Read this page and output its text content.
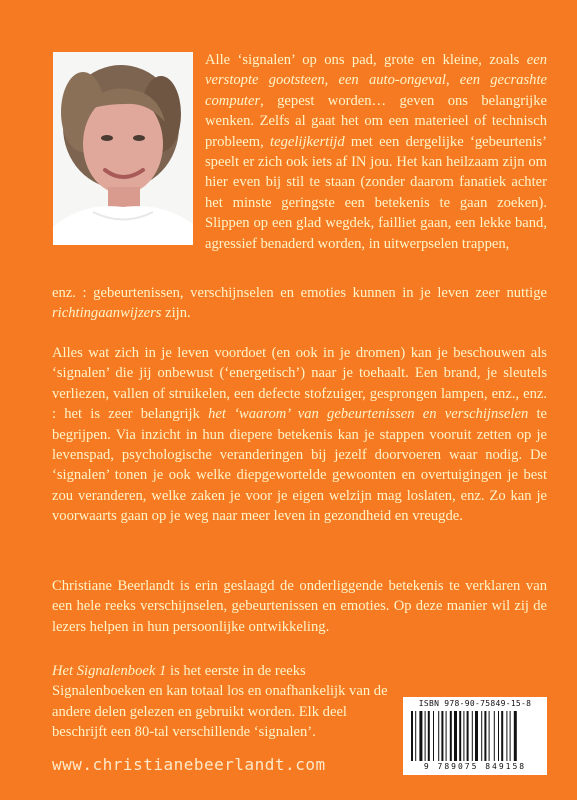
Alle ‘signalen’ op ons pad, grote en kleine, zoals een verstopte gootsteen, een auto-ongeval, een gecrashte computer, gepest worden… geven ons belangrijke wenken. Zelfs al gaat het om een materieel of technisch probleem, tegelijkertijd met een dergelijke ‘gebeurtenis’ speelt er zich ook iets af IN jou. Het kan heilzaam zijn om hier even bij stil te staan (zonder daarom fanatiek achter het minste geringste een betekenis te gaan zoeken). Slippen op een glad wegdek, failliet gaan, een lekke band, agressief benaderd worden, in uitwerpselen trappen,

enz. : gebeurtenissen, verschijnselen en emoties kunnen in je leven zeer nuttige richtingaanwijzers zijn.

Alles wat zich in je leven voordoet (en ook in je dromen) kan je beschouwen als ‘signalen’ die jij onbewust (‘energetisch’) naar je toehaalt. Een brand, je sleutels verliezen, vallen of struikelen, een defecte stofzuiger, gesprongen lampen, enz., enz. : het is zeer belangrijk het ‘waarom’ van gebeurtenissen en verschijnselen te begrijpen. Via inzicht in hun diepere betekenis kan je stappen vooruit zetten op je levenspad, psychologische veranderingen bij jezelf doorvoeren waar nodig. De ‘signalen’ tonen je ook welke diepgewortelde gewoonten en overtuigingen je best zou veranderen, welke zaken je voor je eigen welzijn mag loslaten, enz. Zo kan je voorwaarts gaan op je weg naar meer leven in gezondheid en vreugde.

Christiane Beerlandt is erin geslaagd de onderliggende betekenis te verklaren van een hele reeks verschijnselen, gebeurtenissen en emoties. Op deze manier wil zij de lezers helpen in hun persoonlijke ontwikkeling.

Het Signalenboek 1 is het eerste in de reeks Signalenboeken en kan totaal los en onafhankelijk van de andere delen gelezen en gebruikt worden. Elk deel beschrijft een 80-tal verschillende ‘signalen’.

ISBN 978-90-75849-15-8
9 789075 849158
www.christianebeerlandt.com
